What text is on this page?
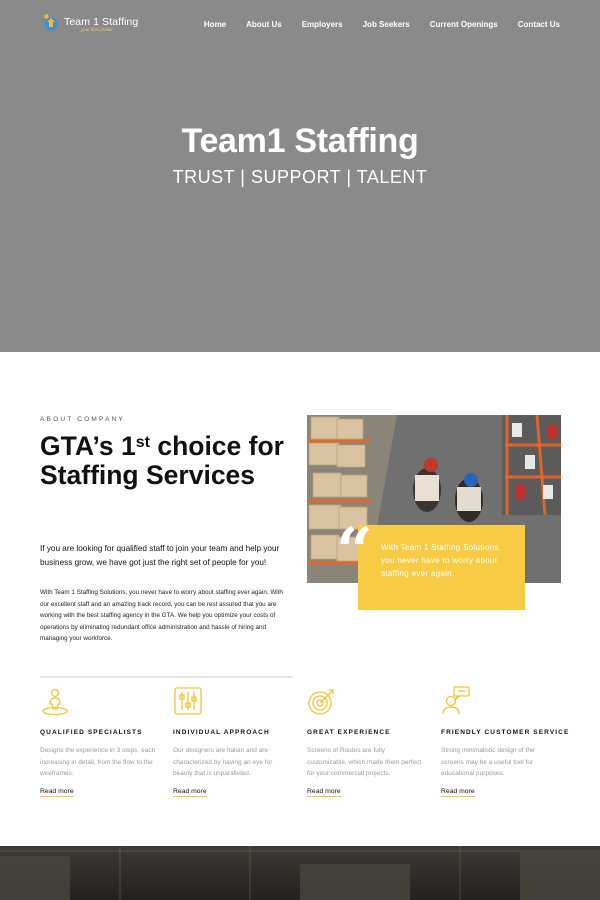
Team 1 Staffing
your first choice
Home	About Us	Employers	Job Seekers	Current Openings	Contact Us
Team1 Staffing
TRUST | SUPPORT | TALENT
ABOUT COMPANY
GTA’s 1st choice for Staffing Services

If you are looking for qualified staff to join your team and help your business grow, we have got just the right set of people for you!

With Team 1 Staffing Solutions, you never have to worry about staffing ever again. With our excellent staff and an amazing track record, you can be rest assured that you are working with the best staffing agency in the GTA. We help you optimize your costs of operations by eliminating redundant office administration and hassle of hiring and managing your workforce.

“ With Team 1 Staffing Solutions, you never have to worry about staffing ever again.

QUALIFIED SPECIALISTS

Designs the experience in 3 steps, each increasing in detail, from the flow to the wireframes.

Read more
INDIVIDUAL APPROACH

Our designers are Italian and are characterized by having an eye for beauty that is unparalleled.

Read more
GREAT EXPERIENCE

Screens of Routes are fully customizable, which made them perfect for your commercial projects.

Read more
FRIENDLY CUSTOMER SERVICE

Strong minimalistic design of the screens may be a useful tool for educational purposes.

Read more
